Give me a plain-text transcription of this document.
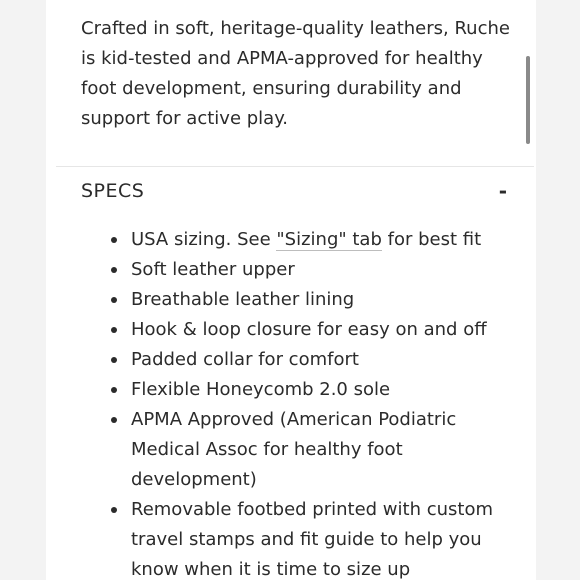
Crafted in soft, heritage-quality leathers, Ruche is kid-tested and APMA-approved for healthy foot development, ensuring durability and support for active play.

SPECS	-
USA sizing. See "Sizing" tab for best fit
Soft leather upper
Breathable leather lining
Hook & loop closure for easy on and off
Padded collar for comfort
Flexible Honeycomb 2.0 sole
APMA Approved (American Podiatric Medical Assoc for healthy foot development)
Removable footbed printed with custom travel stamps and fit guide to help you know when it is time to size up
